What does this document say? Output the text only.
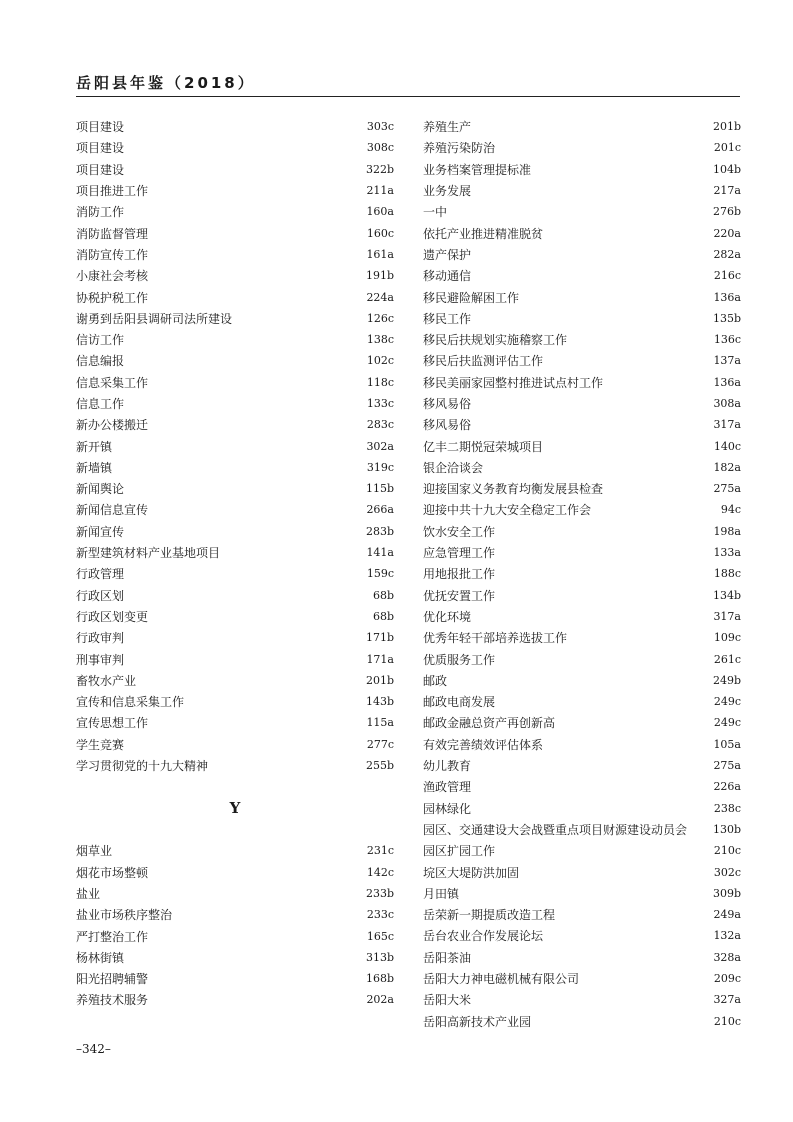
岳阳县年鉴（2018）
项目建设	303c
项目建设	308c
项目建设	322b
项目推进工作	211a
消防工作	160a
消防监督管理	160c
消防宣传工作	161a
小康社会考核	191b
协税护税工作	224a
谢勇到岳阳县调研司法所建设	126c
信访工作	138c
信息编报	102c
信息采集工作	118c
信息工作	133c
新办公楼搬迁	283c
新开镇	302a
新墙镇	319c
新闻舆论	115b
新闻信息宣传	266a
新闻宣传	283b
新型建筑材料产业基地项目	141a
行政管理	159c
行政区划	68b
行政区划变更	68b
行政审判	171b
刑事审判	171a
畜牧水产业	201b
宣传和信息采集工作	143b
宣传思想工作	115a
学生竞赛	277c
学习贯彻党的十九大精神	255b
Y
烟草业	231c
烟花市场整顿	142c
盐业	233b
盐业市场秩序整治	233c
严打整治工作	165c
杨林街镇	313b
阳光招聘辅警	168b
养殖技术服务	202a
养殖生产	201b
养殖污染防治	201c
业务档案管理提标准	104b
业务发展	217a
一中	276b
依托产业推进精准脱贫	220a
遗产保护	282a
移动通信	216c
移民避险解困工作	136a
移民工作	135b
移民后扶规划实施稽察工作	136c
移民后扶监测评估工作	137a
移民美丽家园整村推进试点村工作	136a
移风易俗	308a
移风易俗	317a
亿丰二期悦冠荣城项目	140c
银企洽谈会	182a
迎接国家义务教育均衡发展县检查	275a
迎接中共十九大安全稳定工作会	94c
饮水安全工作	198a
应急管理工作	133a
用地报批工作	188c
优抚安置工作	134b
优化环境	317a
优秀年轻干部培养选拔工作	109c
优质服务工作	261c
邮政	249b
邮政电商发展	249c
邮政金融总资产再创新高	249c
有效完善绩效评估体系	105a
幼儿教育	275a
渔政管理	226a
园林绿化	238c
园区、交通建设大会战暨重点项目财源建设动员会 130b
园区扩园工作	210c
垸区大堤防洪加固	302c
月田镇	309b
岳荣新一期提质改造工程	249a
岳台农业合作发展论坛	132a
岳阳茶油	328a
岳阳大力神电磁机械有限公司	209c
岳阳大米	327a
岳阳高新技术产业园	210c
–342–
